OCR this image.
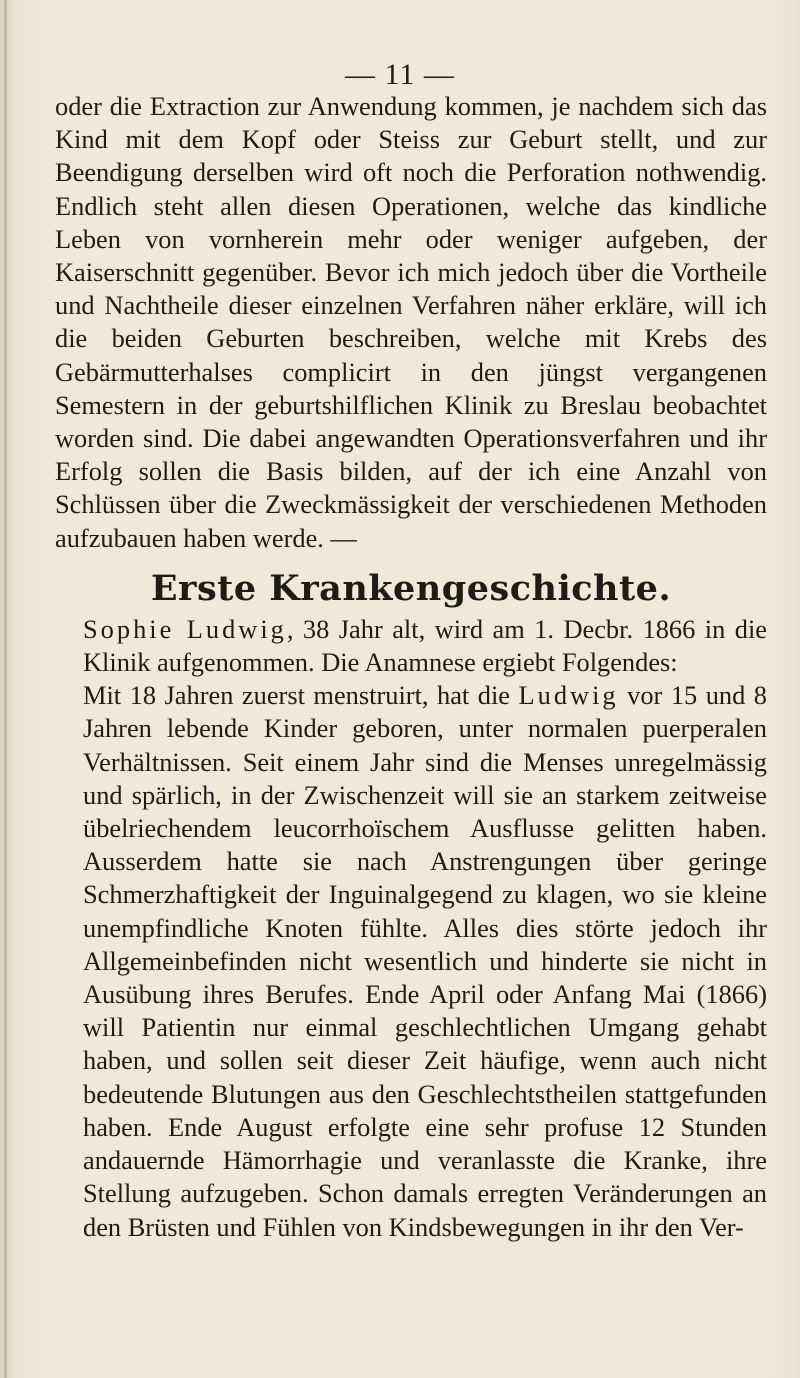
— 11 —

oder die Extraction zur Anwendung kommen, je nachdem sich das Kind mit dem Kopf oder Steiss zur Geburt stellt, und zur Beendigung derselben wird oft noch die Perforation nothwendig. Endlich steht allen diesen Operationen, welche das kindliche Leben von vornherein mehr oder weniger aufgeben, der Kaiserschnitt gegenüber. Bevor ich mich jedoch über die Vortheile und Nachtheile dieser einzelnen Verfahren näher erkläre, will ich die beiden Geburten beschreiben, welche mit Krebs des Gebärmutterhalses complicirt in den jüngst vergangenen Semestern in der geburtshilflichen Klinik zu Breslau beobachtet worden sind. Die dabei angewandten Operationsverfahren und ihr Erfolg sollen die Basis bilden, auf der ich eine Anzahl von Schlüssen über die Zweckmässigkeit der verschiedenen Methoden aufzubauen haben werde. —

Erste Krankengeschichte.

Sophie Ludwig, 38 Jahr alt, wird am 1. Decbr. 1866 in die Klinik aufgenommen. Die Anamnese ergiebt Folgendes:

Mit 18 Jahren zuerst menstruirt, hat die Ludwig vor 15 und 8 Jahren lebende Kinder geboren, unter normalen puerperalen Verhältnissen. Seit einem Jahr sind die Menses unregelmässig und spärlich, in der Zwischenzeit will sie an starkem zeitweise übelriechendem leucorrhoïschem Ausflusse gelitten haben. Ausserdem hatte sie nach Anstrengungen über geringe Schmerzhaftigkeit der Inguinalgegend zu klagen, wo sie kleine unempfindliche Knoten fühlte. Alles dies störte jedoch ihr Allgemeinbefinden nicht wesentlich und hinderte sie nicht in Ausübung ihres Berufes. Ende April oder Anfang Mai (1866) will Patientin nur einmal geschlechtlichen Umgang gehabt haben, und sollen seit dieser Zeit häufige, wenn auch nicht bedeutende Blutungen aus den Geschlechtstheilen stattgefunden haben. Ende August erfolgte eine sehr profuse 12 Stunden andauernde Hämorrhagie und veranlasste die Kranke, ihre Stellung aufzugeben. Schon damals erregten Veränderungen an den Brüsten und Fühlen von Kindsbewegungen in ihr den Ver-
